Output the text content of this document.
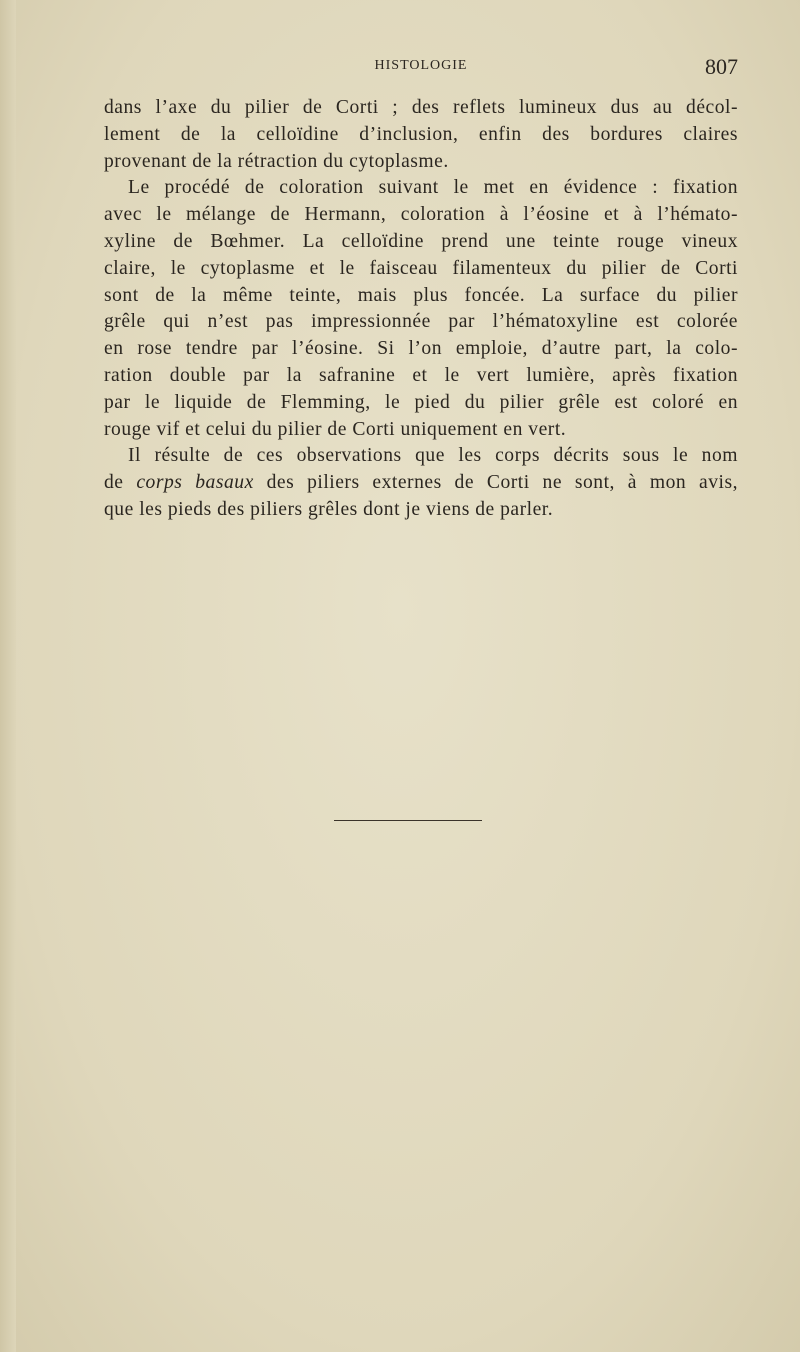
HISTOLOGIE	807
dans l’axe du pilier de Corti ; des reflets lumineux dus au décol-
lement de la celloïdine d’inclusion, enfin des bordures claires
provenant de la rétraction du cytoplasme.
Le procédé de coloration suivant le met en évidence : fixation
avec le mélange de Hermann, coloration à l’éosine et à l’hémato-
xyline de Bœhmer. La celloïdine prend une teinte rouge vineux
claire, le cytoplasme et le faisceau filamenteux du pilier de Corti
sont de la même teinte, mais plus foncée. La surface du pilier
grêle qui n’est pas impressionnée par l’hématoxyline est colorée
en rose tendre par l’éosine. Si l’on emploie, d’autre part, la colo-
ration double par la safranine et le vert lumière, après fixation
par le liquide de Flemming, le pied du pilier grêle est coloré en
rouge vif et celui du pilier de Corti uniquement en vert.
Il résulte de ces observations que les corps décrits sous le nom
de corps basaux des piliers externes de Corti ne sont, à mon avis,
que les pieds des piliers grêles dont je viens de parler.
